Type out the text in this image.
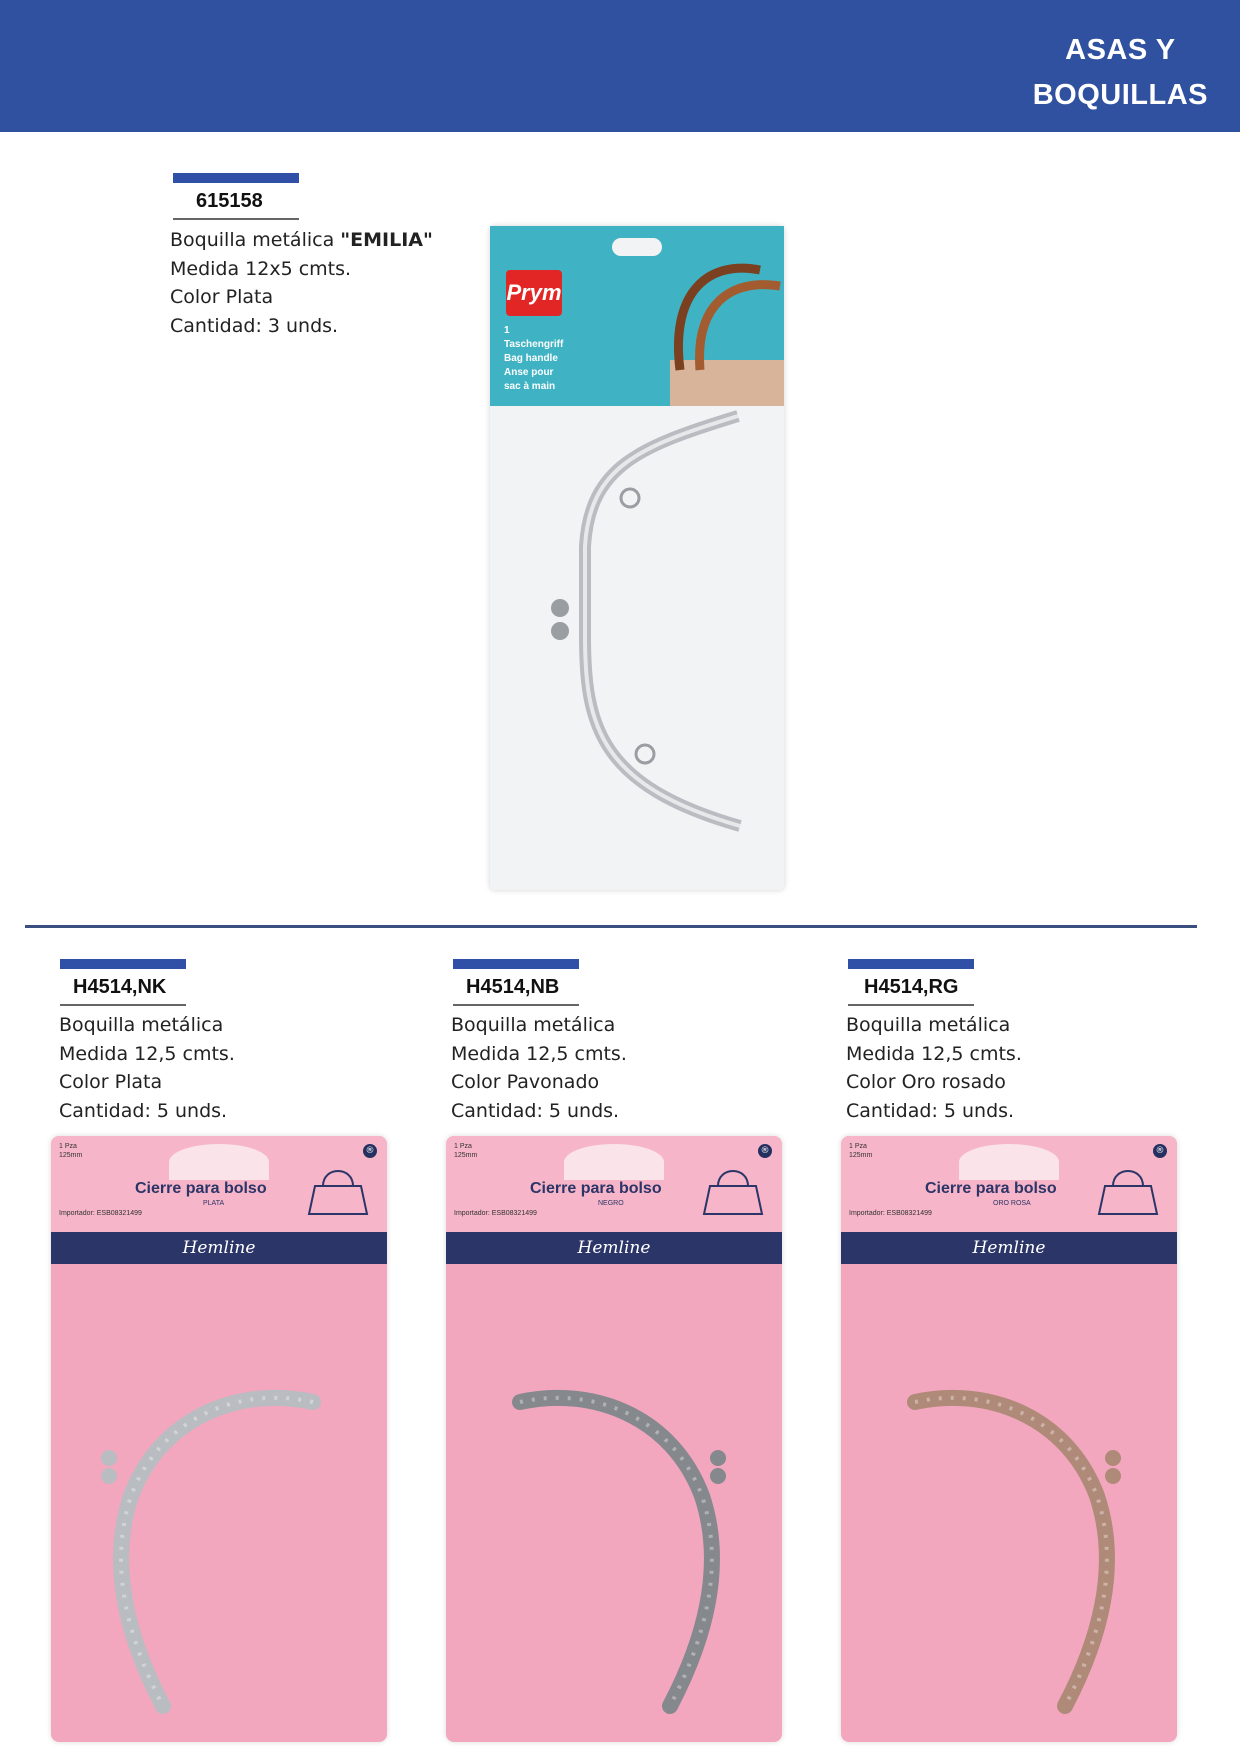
ASAS Y
BOQUILLAS
615158
Boquilla metálica "EMILIA"
Medida 12x5 cmts.
Color Plata
Cantidad: 3 unds.
Prym
1
Taschengriff
Bag handle
Anse pour
sac à main
H4514,NK
Boquilla metálica
Medida 12,5 cmts.
Color Plata
Cantidad: 5 unds.
H4514,NB
Boquilla metálica
Medida 12,5 cmts.
Color Pavonado
Cantidad: 5 unds.
H4514,RG
Boquilla metálica
Medida 12,5 cmts.
Color Oro rosado
Cantidad: 5 unds.
1 Pza
125mm	®
Cierre para bolso
PLATA
Importador: ESB08321499
Hemline
1 Pza
125mm	®
Cierre para bolso
NEGRO
Importador: ESB08321499
Hemline
1 Pza
125mm	®
Cierre para bolso
ORO ROSA
Importador: ESB08321499
Hemline
